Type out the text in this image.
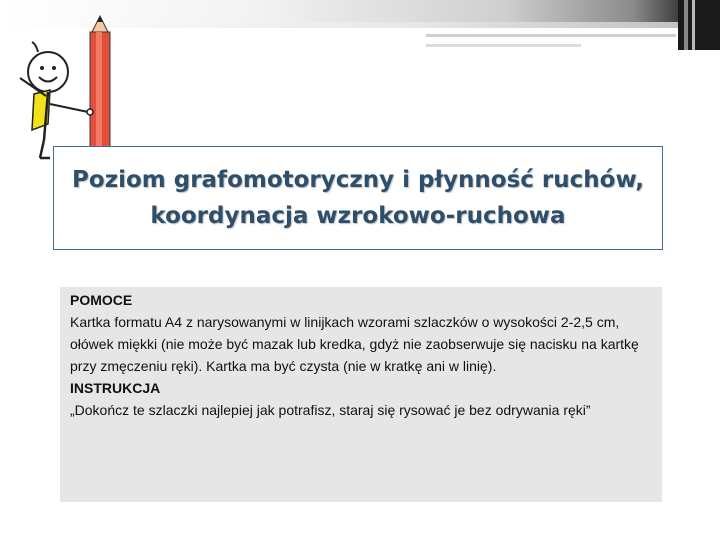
Poziom grafomotoryczny i płynność ruchów,
koordynacja wzrokowo-ruchowa

POMOCE

Kartka formatu A4 z narysowanymi w linijkach wzorami szlaczków o wysokości 2-2,5 cm, ołówek miękki (nie może być mazak lub kredka, gdyż nie zaobserwuje się nacisku na kartkę przy zmęczeniu ręki). Kartka ma być czysta (nie w kratkę ani w linię).

INSTRUKCJA

„Dokończ te szlaczki najlepiej jak potrafisz, staraj się rysować je bez odrywania ręki”
